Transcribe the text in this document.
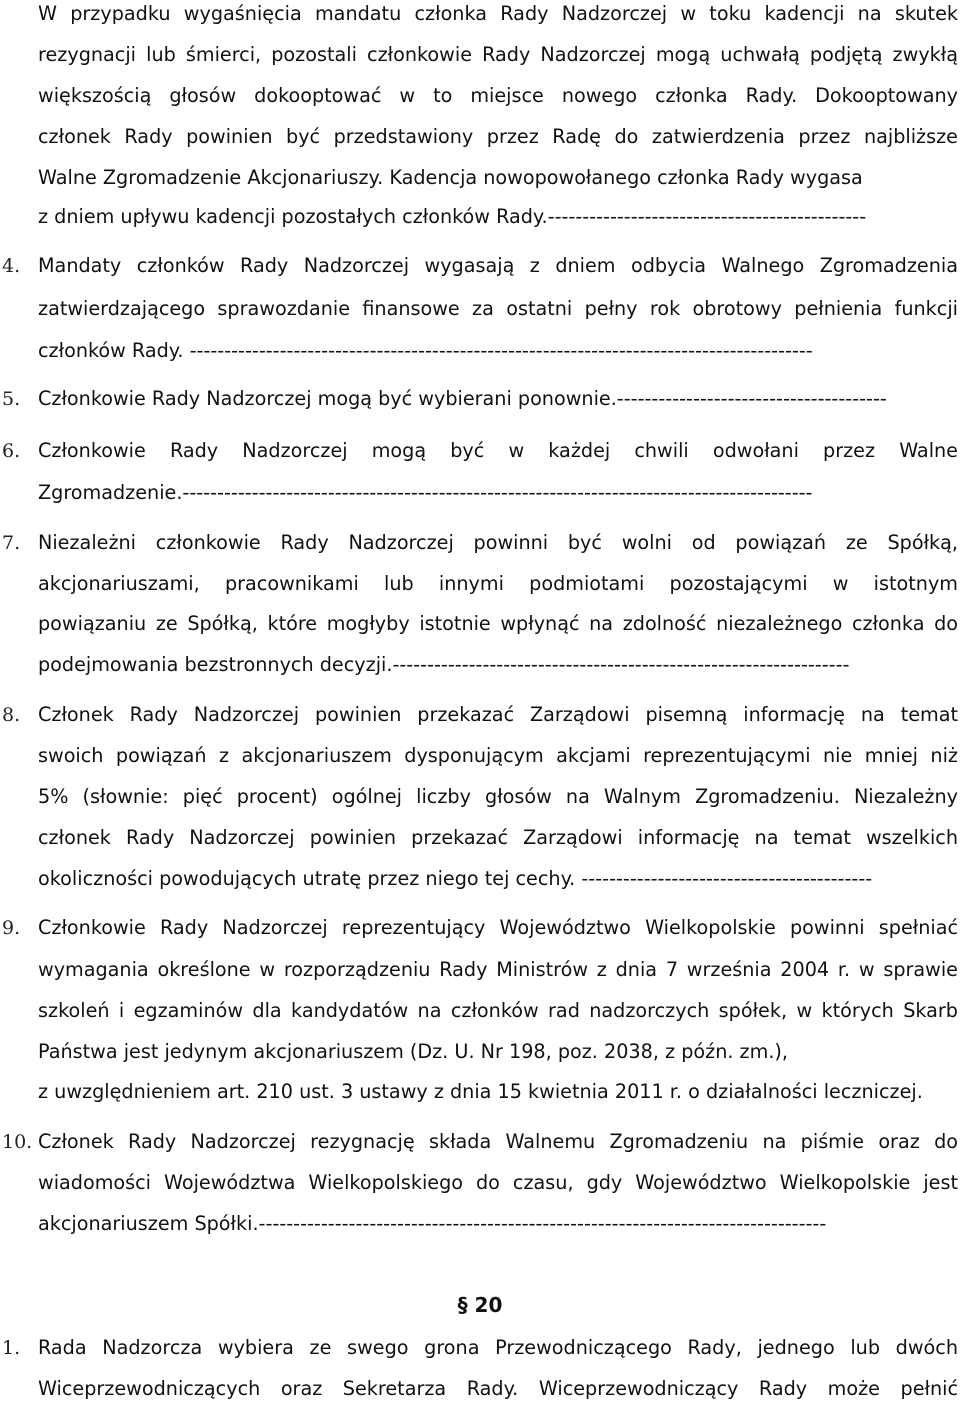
W przypadku wygaśnięcia mandatu członka Rady Nadzorczej w toku kadencji na skutek
rezygnacji lub śmierci, pozostali członkowie Rady Nadzorczej mogą uchwałą podjętą zwykłą
większością głosów dokooptować w to miejsce nowego członka Rady. Dokooptowany
członek Rady powinien być przedstawiony przez Radę do zatwierdzenia przez najbliższe
Walne Zgromadzenie Akcjonariuszy. Kadencja nowopowołanego członka Rady wygasa
z dniem upływu kadencji pozostałych członków Rady.----------------------------------------------
4. Mandaty członków Rady Nadzorczej wygasają z dniem odbycia Walnego Zgromadzenia
zatwierdzającego sprawozdanie finansowe za ostatni pełny rok obrotowy pełnienia funkcji
członków Rady. ------------------------------------------------------------------------------------------
5. Członkowie Rady Nadzorczej mogą być wybierani ponownie.---------------------------------------
6. Członkowie Rady Nadzorczej mogą być w każdej chwili odwołani przez Walne
Zgromadzenie.-------------------------------------------------------------------------------------------
7. Niezależni członkowie Rady Nadzorczej powinni być wolni od powiązań ze Spółką,
akcjonariuszami, pracownikami lub innymi podmiotami pozostającymi w istotnym
powiązaniu ze Spółką, które mogłyby istotnie wpłynąć na zdolność niezależnego członka do
podejmowania bezstronnych decyzji.------------------------------------------------------------------
8. Członek Rady Nadzorczej powinien przekazać Zarządowi pisemną informację na temat
swoich powiązań z akcjonariuszem dysponującym akcjami reprezentującymi nie mniej niż
5% (słownie: pięć procent) ogólnej liczby głosów na Walnym Zgromadzeniu. Niezależny
członek Rady Nadzorczej powinien przekazać Zarządowi informację na temat wszelkich
okoliczności powodujących utratę przez niego tej cechy. ------------------------------------------
9. Członkowie Rady Nadzorczej reprezentujący Województwo Wielkopolskie powinni spełniać
wymagania określone w rozporządzeniu Rady Ministrów z dnia 7 września 2004 r. w sprawie
szkoleń i egzaminów dla kandydatów na członków rad nadzorczych spółek, w których Skarb
Państwa jest jedynym akcjonariuszem (Dz. U. Nr 198, poz. 2038, z późn. zm.),
z uwzględnieniem art. 210 ust. 3 ustawy z dnia 15 kwietnia 2011 r. o działalności leczniczej.
10. Członek Rady Nadzorczej rezygnację składa Walnemu Zgromadzeniu na piśmie oraz do
wiadomości Województwa Wielkopolskiego do czasu, gdy Województwo Wielkopolskie jest
akcjonariuszem Spółki.----------------------------------------------------------------------------------
§ 20
1. Rada Nadzorcza wybiera ze swego grona Przewodniczącego Rady, jednego lub dwóch
Wiceprzewodniczących oraz Sekretarza Rady. Wiceprzewodniczący Rady może pełnić
